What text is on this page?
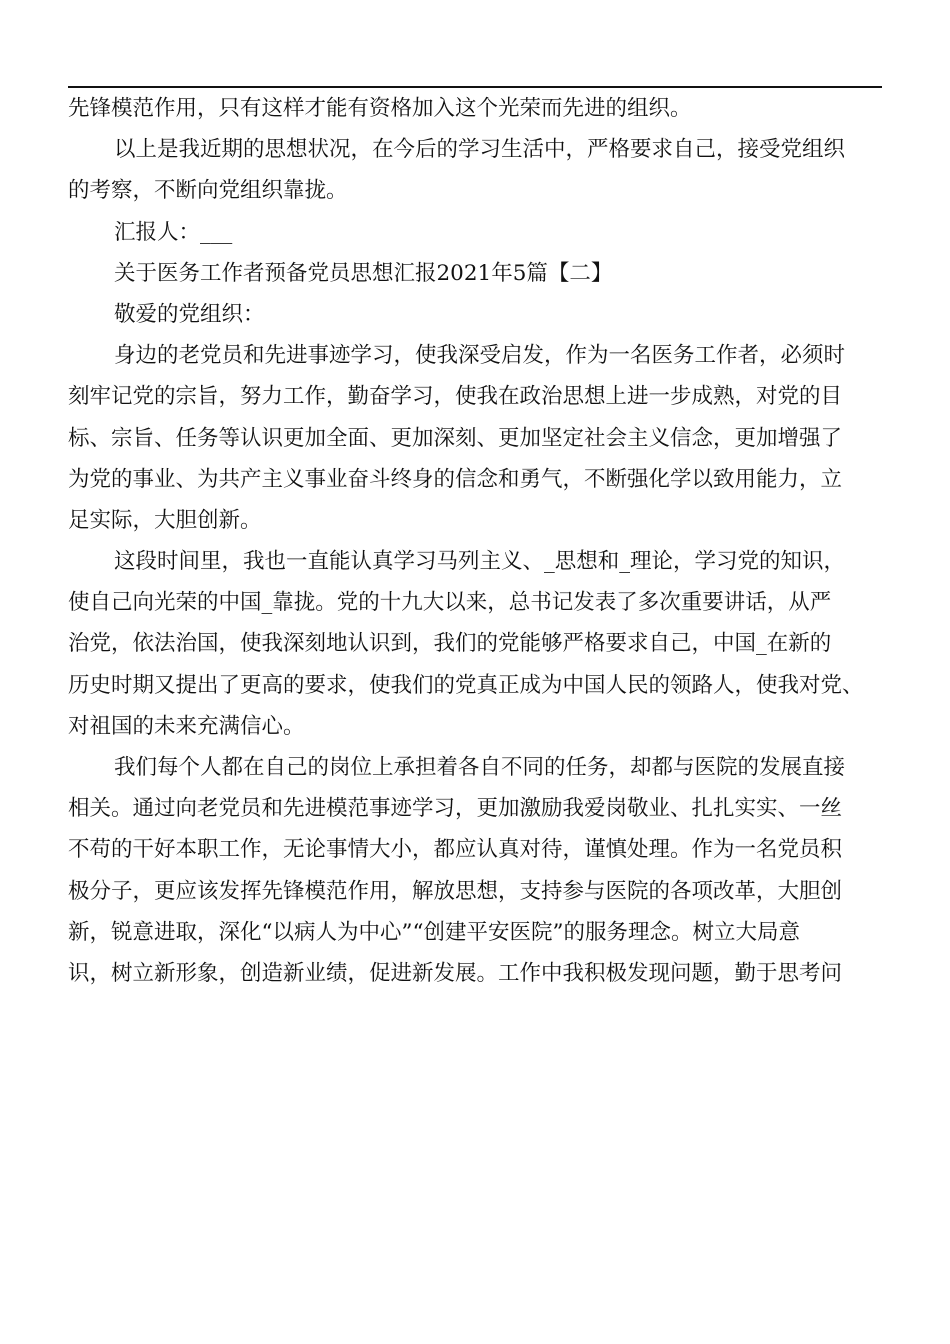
先锋模范作用，只有这样才能有资格加入这个光荣而先进的组织。
以上是我近期的思想状况，在今后的学习生活中，严格要求自己，接受党组织
的考察，不断向党组织靠拢。
汇报人：___
关于医务工作者预备党员思想汇报2021年5篇【二】
敬爱的党组织：
身边的老党员和先进事迹学习，使我深受启发，作为一名医务工作者，必须时
刻牢记党的宗旨，努力工作，勤奋学习，使我在政治思想上进一步成熟，对党的目
标、宗旨、任务等认识更加全面、更加深刻、更加坚定社会主义信念，更加增强了
为党的事业、为共产主义事业奋斗终身的信念和勇气，不断强化学以致用能力，立
足实际，大胆创新。
这段时间里，我也一直能认真学习马列主义、_思想和_理论，学习党的知识，
使自己向光荣的中国_靠拢。党的十九大以来，总书记发表了多次重要讲话，从严
治党，依法治国，使我深刻地认识到，我们的党能够严格要求自己，中国_在新的
历史时期又提出了更高的要求，使我们的党真正成为中国人民的领路人，使我对党、
对祖国的未来充满信心。
我们每个人都在自己的岗位上承担着各自不同的任务，却都与医院的发展直接
相关。通过向老党员和先进模范事迹学习，更加激励我爱岗敬业、扎扎实实、一丝
不苟的干好本职工作，无论事情大小，都应认真对待，谨慎处理。作为一名党员积
极分子，更应该发挥先锋模范作用，解放思想，支持参与医院的各项改革，大胆创
新，锐意进取，深化“以病人为中心”“创建平安医院”的服务理念。树立大局意
识，树立新形象，创造新业绩，促进新发展。工作中我积极发现问题，勤于思考问
